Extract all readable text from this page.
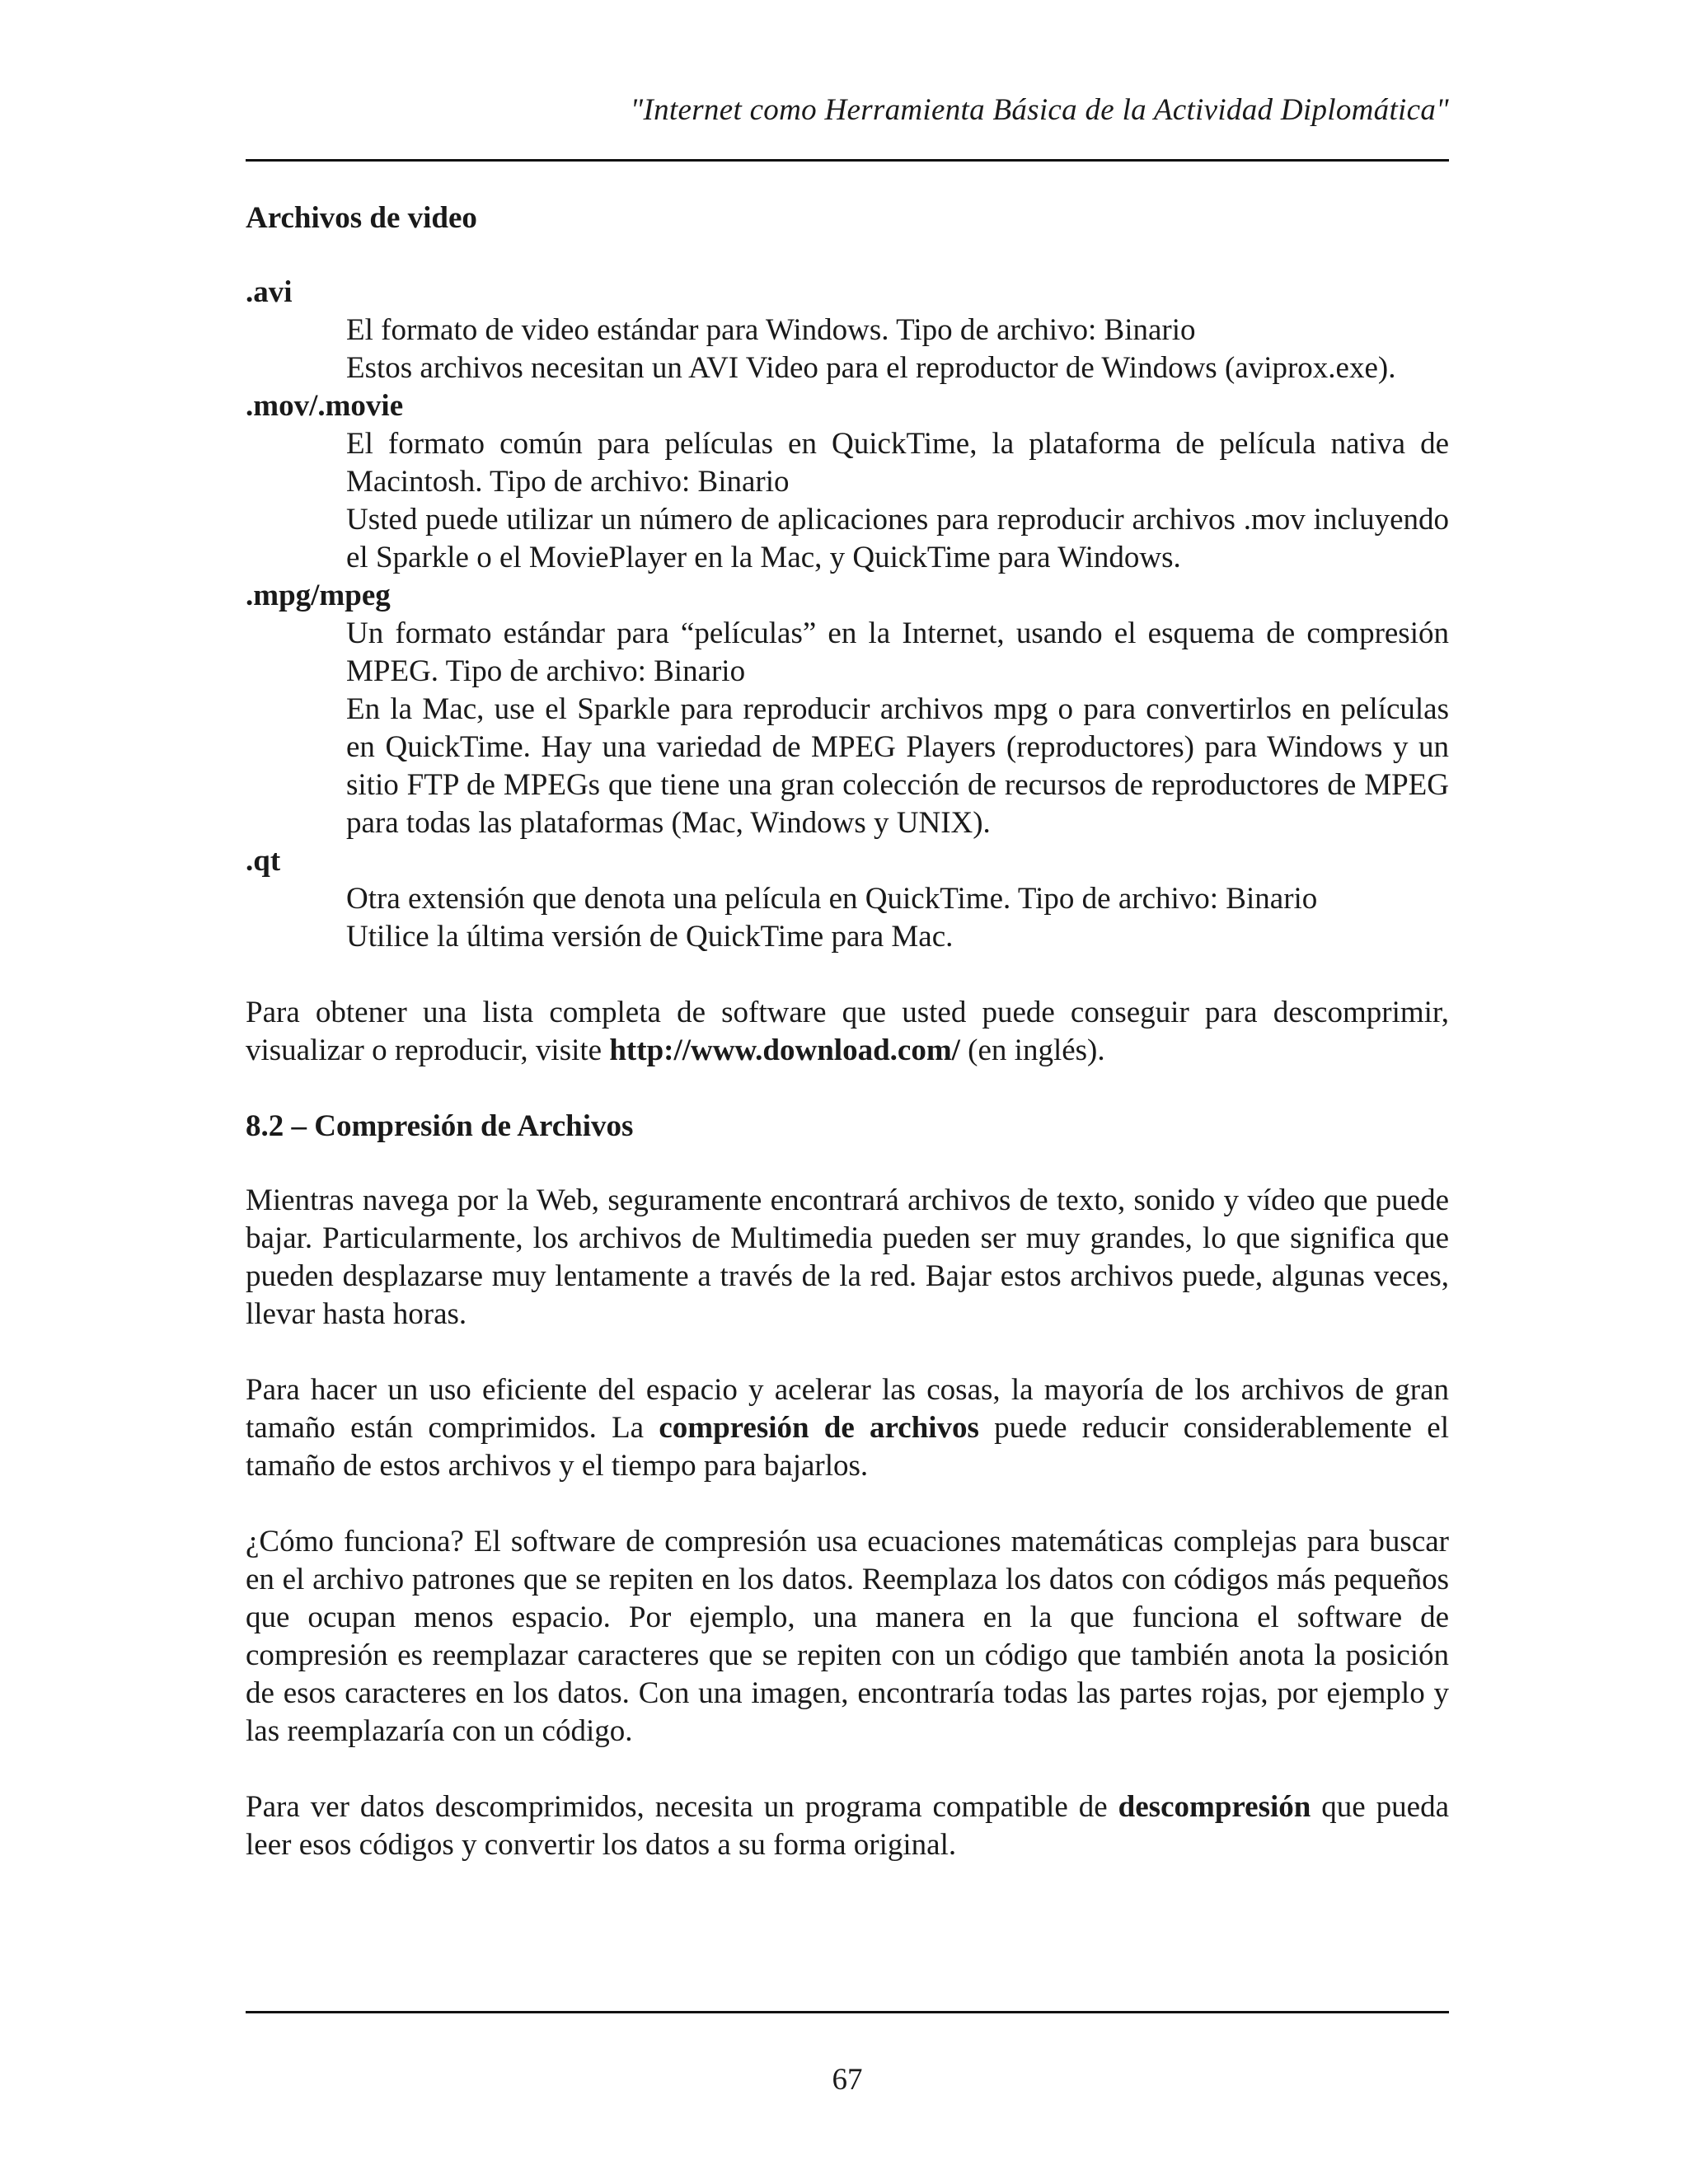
"Internet como Herramienta Básica de la Actividad Diplomática"
Archivos de video
.avi
El formato de video estándar para Windows. Tipo de archivo: Binario
Estos archivos necesitan un AVI Video para el reproductor de Windows (aviprox.exe).
.mov/.movie
El formato común para películas en QuickTime, la plataforma de película nativa de Macintosh. Tipo de archivo: Binario
Usted puede utilizar un número de aplicaciones para reproducir archivos .mov incluyendo el Sparkle o el MoviePlayer en la Mac, y QuickTime para Windows.
.mpg/mpeg
Un formato estándar para “películas” en la Internet, usando el esquema de compresión MPEG. Tipo de archivo: Binario
En la Mac, use el Sparkle para reproducir archivos mpg o para convertirlos en películas en QuickTime. Hay una variedad de MPEG Players (reproductores) para Windows y un sitio FTP de MPEGs que tiene una gran colección de recursos de reproductores de MPEG para todas las plataformas (Mac, Windows y UNIX).
.qt
Otra extensión que denota una película en QuickTime. Tipo de archivo: Binario
Utilice la última versión de QuickTime para Mac.

Para obtener una lista completa de software que usted puede conseguir para descomprimir, visualizar o reproducir, visite http://www.download.com/ (en inglés).

8.2 – Compresión de Archivos

Mientras navega por la Web, seguramente encontrará archivos de texto, sonido y vídeo que puede bajar. Particularmente, los archivos de Multimedia pueden ser muy grandes, lo que significa que pueden desplazarse muy lentamente a través de la red. Bajar estos archivos puede, algunas veces, llevar hasta horas.

Para hacer un uso eficiente del espacio y acelerar las cosas, la mayoría de los archivos de gran tamaño están comprimidos. La compresión de archivos puede reducir considerablemente el tamaño de estos archivos y el tiempo para bajarlos.

¿Cómo funciona? El software de compresión usa ecuaciones matemáticas complejas para buscar en el archivo patrones que se repiten en los datos. Reemplaza los datos con códigos más pequeños que ocupan menos espacio. Por ejemplo, una manera en la que funciona el software de compresión es reemplazar caracteres que se repiten con un código que también anota la posición de esos caracteres en los datos. Con una imagen, encontraría todas las partes rojas, por ejemplo y las reemplazaría con un código.

Para ver datos descomprimidos, necesita un programa compatible de descompresión que pueda leer esos códigos y convertir los datos a su forma original.

67
